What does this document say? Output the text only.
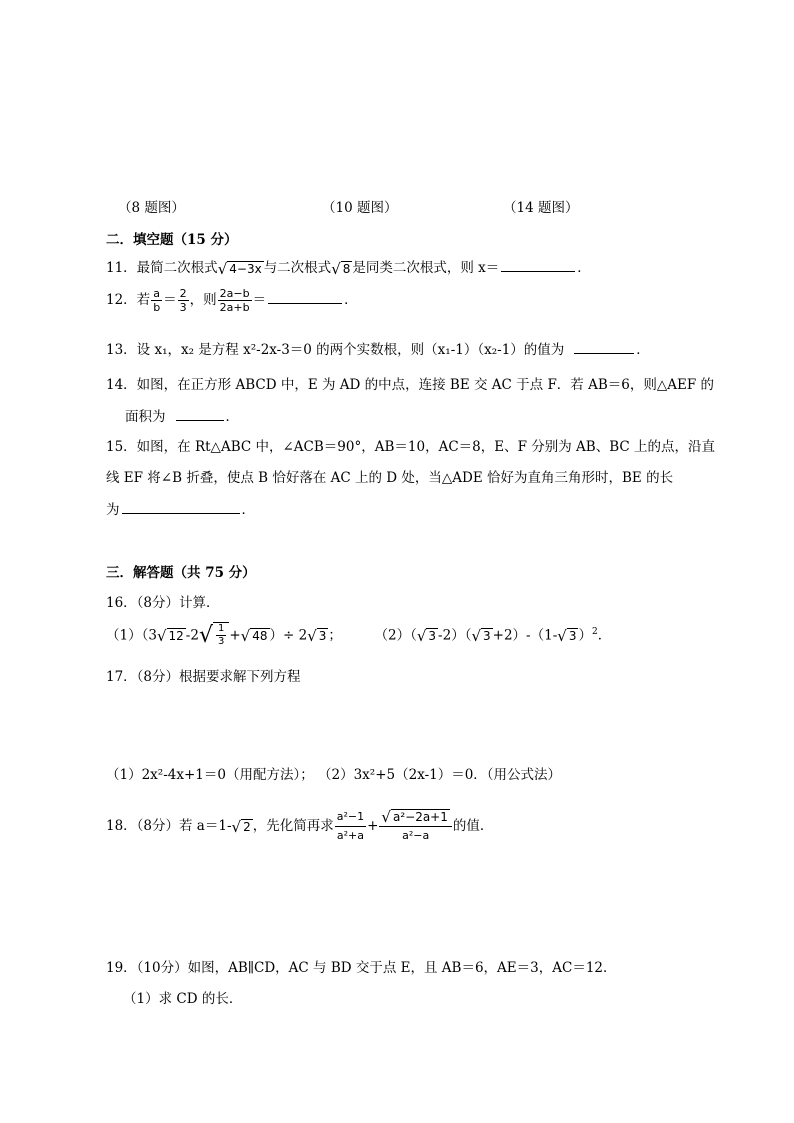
（8 题图）	（10 题图）	（14 题图）
二．填空题（15 分）
11．最简二次根式 √ 4−3x 与二次根式 √ 8 是同类二次根式，则 x＝	．
12．若 $\frac{a}{b} = \frac{2}{3}$ ，则 $\frac{2a-b}{2a+b}$ ＝	．
13．设 x₁，x₂ 是方程 x²-2x-3＝0 的两个实数根，则（x₁-1）（x₂-1）的值为	．
14．如图，在正方形 ABCD 中，E 为 AD 的中点，连接 BE 交 AC 于点 F．若 AB＝6，则△AEF 的
面积为	．
15．如图，在 Rt△ABC 中，∠ACB＝90°，AB＝10，AC＝8，E、F 分别为 AB、BC 上的点，沿直
线 EF 将∠B 折叠，使点 B 恰好落在 AC 上的 D 处，当△ADE 恰好为直角三角形时，BE 的长
为	．
三．解答题（共 75 分）
16．（8分）计算．
（1）（3 √ 12 -2 √ $\frac{1}{3}$ + √ 48 ）÷ 2 √ 3 ； （2）（ √ 3 -2）（ √ 3 +2）-（1- √ 3 ）$^2$．
17．（8分）根据要求解下列方程
（1）2x²-4x+1＝0（用配方法）； （2）3x²+5（2x-1）＝0．（用公式法）
18．（8分）若 a＝1- √ 2 ，先化简再求 $\frac{\text{a²−1}}{\text{a²+a}} + \frac{\text{√ a²−2a+1}}{\text{a²−a}}$ 的值．
19．（10分）如图，AB∥CD，AC 与 BD 交于点 E，且 AB＝6，AE＝3，AC＝12．
（1）求 CD 的长．
